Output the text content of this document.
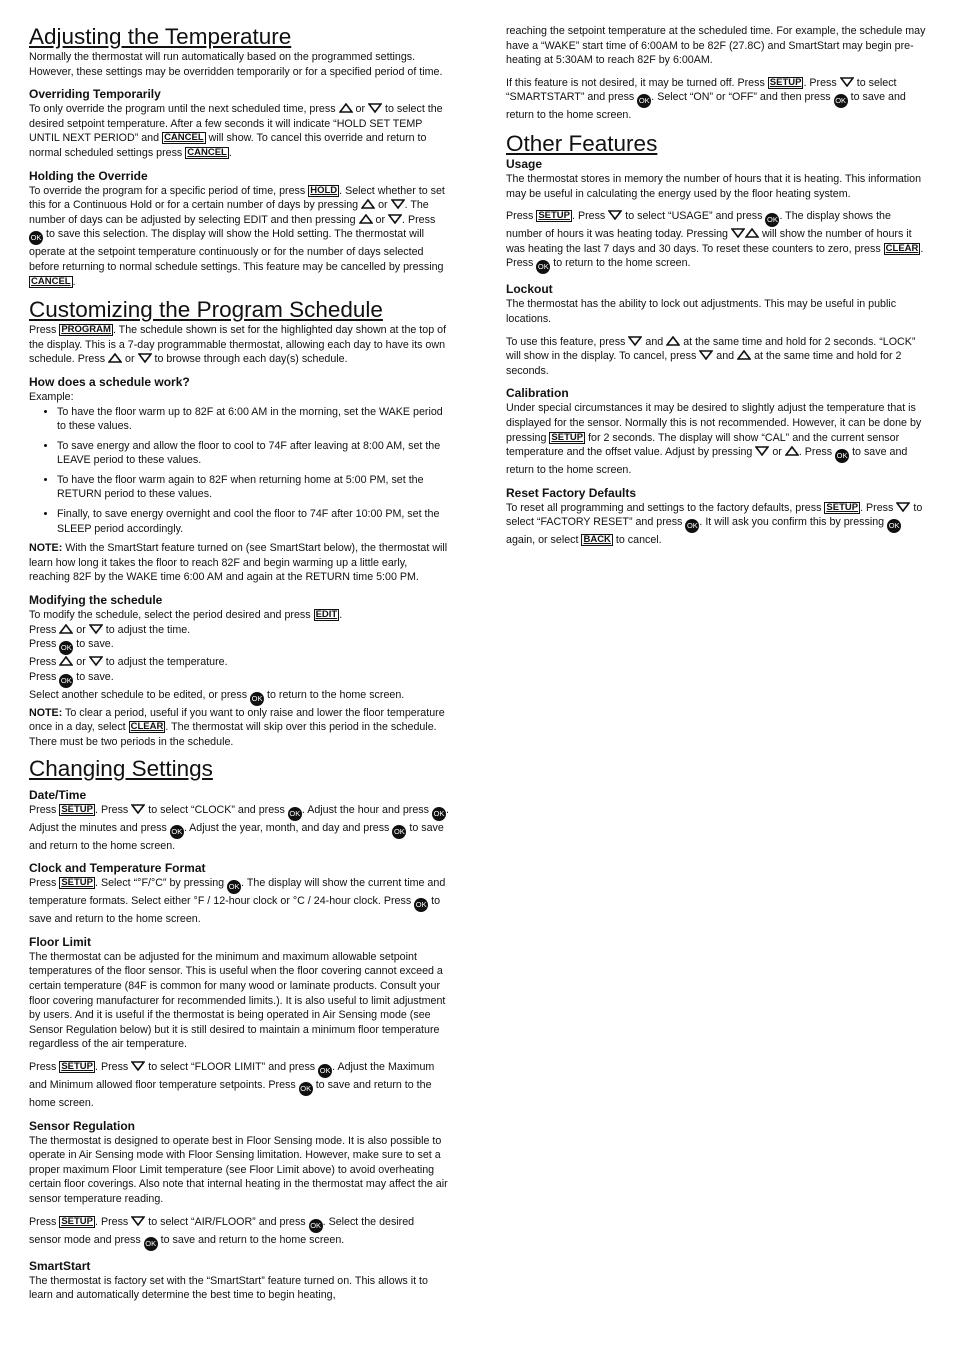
Adjusting the Temperature

Normally the thermostat will run automatically based on the programmed settings. However, these settings may be overridden temporarily or for a specified period of time.

Overriding Temporarily

To only override the program until the next scheduled time, press or to select the desired setpoint temperature. After a few seconds it will indicate “HOLD SET TEMP UNTIL NEXT PERIOD” and CANCEL will show. To cancel this override and return to normal scheduled settings press CANCEL .

Holding the Override

To override the program for a specific period of time, press HOLD . Select whether to set this for a Continuous Hold or for a certain number of days by pressing or . The number of days can be adjusted by selecting EDIT and then pressing or . Press OK to save this selection. The display will show the Hold setting. The thermostat will operate at the setpoint temperature continuously or for the number of days selected before returning to normal schedule settings. This feature may be cancelled by pressing CANCEL .

Customizing the Program Schedule

Press PROGRAM . The schedule shown is set for the highlighted day shown at the top of the display. This is a 7-day programmable thermostat, allowing each day to have its own schedule. Press or to browse through each day(s) schedule.

How does a schedule work?

Example:

• To have the floor warm up to 82F at 6:00 AM in the morning, set the WAKE period to these values.
• To save energy and allow the floor to cool to 74F after leaving at 8:00 AM, set the LEAVE period to these values.
• To have the floor warm again to 82F when returning home at 5:00 PM, set the RETURN period to these values.
• Finally, to save energy overnight and cool the floor to 74F after 10:00 PM, set the SLEEP period accordingly.

NOTE: With the SmartStart feature turned on (see SmartStart below), the thermostat will learn how long it takes the floor to reach 82F and begin warming up a little early, reaching 82F by the WAKE time 6:00 AM and again at the RETURN time 5:00 PM.

Modifying the schedule

To modify the schedule, select the period desired and press EDIT .
Press or to adjust the time.
Press OK to save.
Press or to adjust the temperature.
Press OK to save.
Select another schedule to be edited, or press OK to return to the home screen.
NOTE: To clear a period, useful if you want to only raise and lower the floor temperature once in a day, select CLEAR . The thermostat will skip over this period in the schedule. There must be two periods in the schedule.

Changing Settings
Date/Time

Press SETUP . Press to select “CLOCK” and press OK . Adjust the hour and press OK . Adjust the minutes and press OK . Adjust the year, month, and day and press OK to save and return to the home screen.

Clock and Temperature Format

Press SETUP . Select “°F/°C” by pressing OK . The display will show the current time and temperature formats. Select either °F / 12-hour clock or °C / 24-hour clock. Press OK to save and return to the home screen.

Floor Limit

The thermostat can be adjusted for the minimum and maximum allowable setpoint temperatures of the floor sensor. This is useful when the floor covering cannot exceed a certain temperature (84F is common for many wood or laminate products. Consult your floor covering manufacturer for recommended limits.). It is also useful to limit adjustment by users. And it is useful if the thermostat is being operated in Air Sensing mode (see Sensor Regulation below) but it is still desired to maintain a minimum floor temperature regardless of the air temperature.

Press SETUP . Press to select “FLOOR LIMIT” and press OK . Adjust the Maximum and Minimum allowed floor temperature setpoints. Press OK to save and return to the home screen.

Sensor Regulation

The thermostat is designed to operate best in Floor Sensing mode. It is also possible to operate in Air Sensing mode with Floor Sensing limitation. However, make sure to set a proper maximum Floor Limit temperature (see Floor Limit above) to avoid overheating certain floor coverings. Also note that internal heating in the thermostat may affect the air sensor temperature reading.

Press SETUP . Press to select “AIR/FLOOR” and press OK . Select the desired sensor mode and press OK to save and return to the home screen.

SmartStart

The thermostat is factory set with the “SmartStart” feature turned on. This allows it to learn and automatically determine the best time to begin heating,

reaching the setpoint temperature at the scheduled time. For example, the schedule may have a “WAKE” start time of 6:00AM to be 82F (27.8C) and SmartStart may begin pre-heating at 5:30AM to reach 82F by 6:00AM.

If this feature is not desired, it may be turned off. Press SETUP . Press to select “SMARTSTART” and press OK . Select “ON” or “OFF” and then press OK to save and return to the home screen.

Other Features
Usage

The thermostat stores in memory the number of hours that it is heating. This information may be useful in calculating the energy used by the floor heating system.

Press SETUP . Press to select “USAGE” and press OK . The display shows the number of hours it was heating today. Pressing	will show the number of hours it was heating the last 7 days and 30 days. To reset these counters to zero, press CLEAR . Press OK to return to the home screen.

Lockout

The thermostat has the ability to lock out adjustments. This may be useful in public locations.

To use this feature, press and at the same time and hold for 2 seconds. “LOCK” will show in the display. To cancel, press and at the same time and hold for 2 seconds.

Calibration

Under special circumstances it may be desired to slightly adjust the temperature that is displayed for the sensor. Normally this is not recommended. However, it can be done by pressing SETUP for 2 seconds. The display will show “CAL” and the current sensor temperature and the offset value. Adjust by pressing or . Press OK to save and return to the home screen.

Reset Factory Defaults

To reset all programming and settings to the factory defaults, press SETUP . Press to select “FACTORY RESET” and press OK . It will ask you confirm this by pressing OK again, or select BACK to cancel.
